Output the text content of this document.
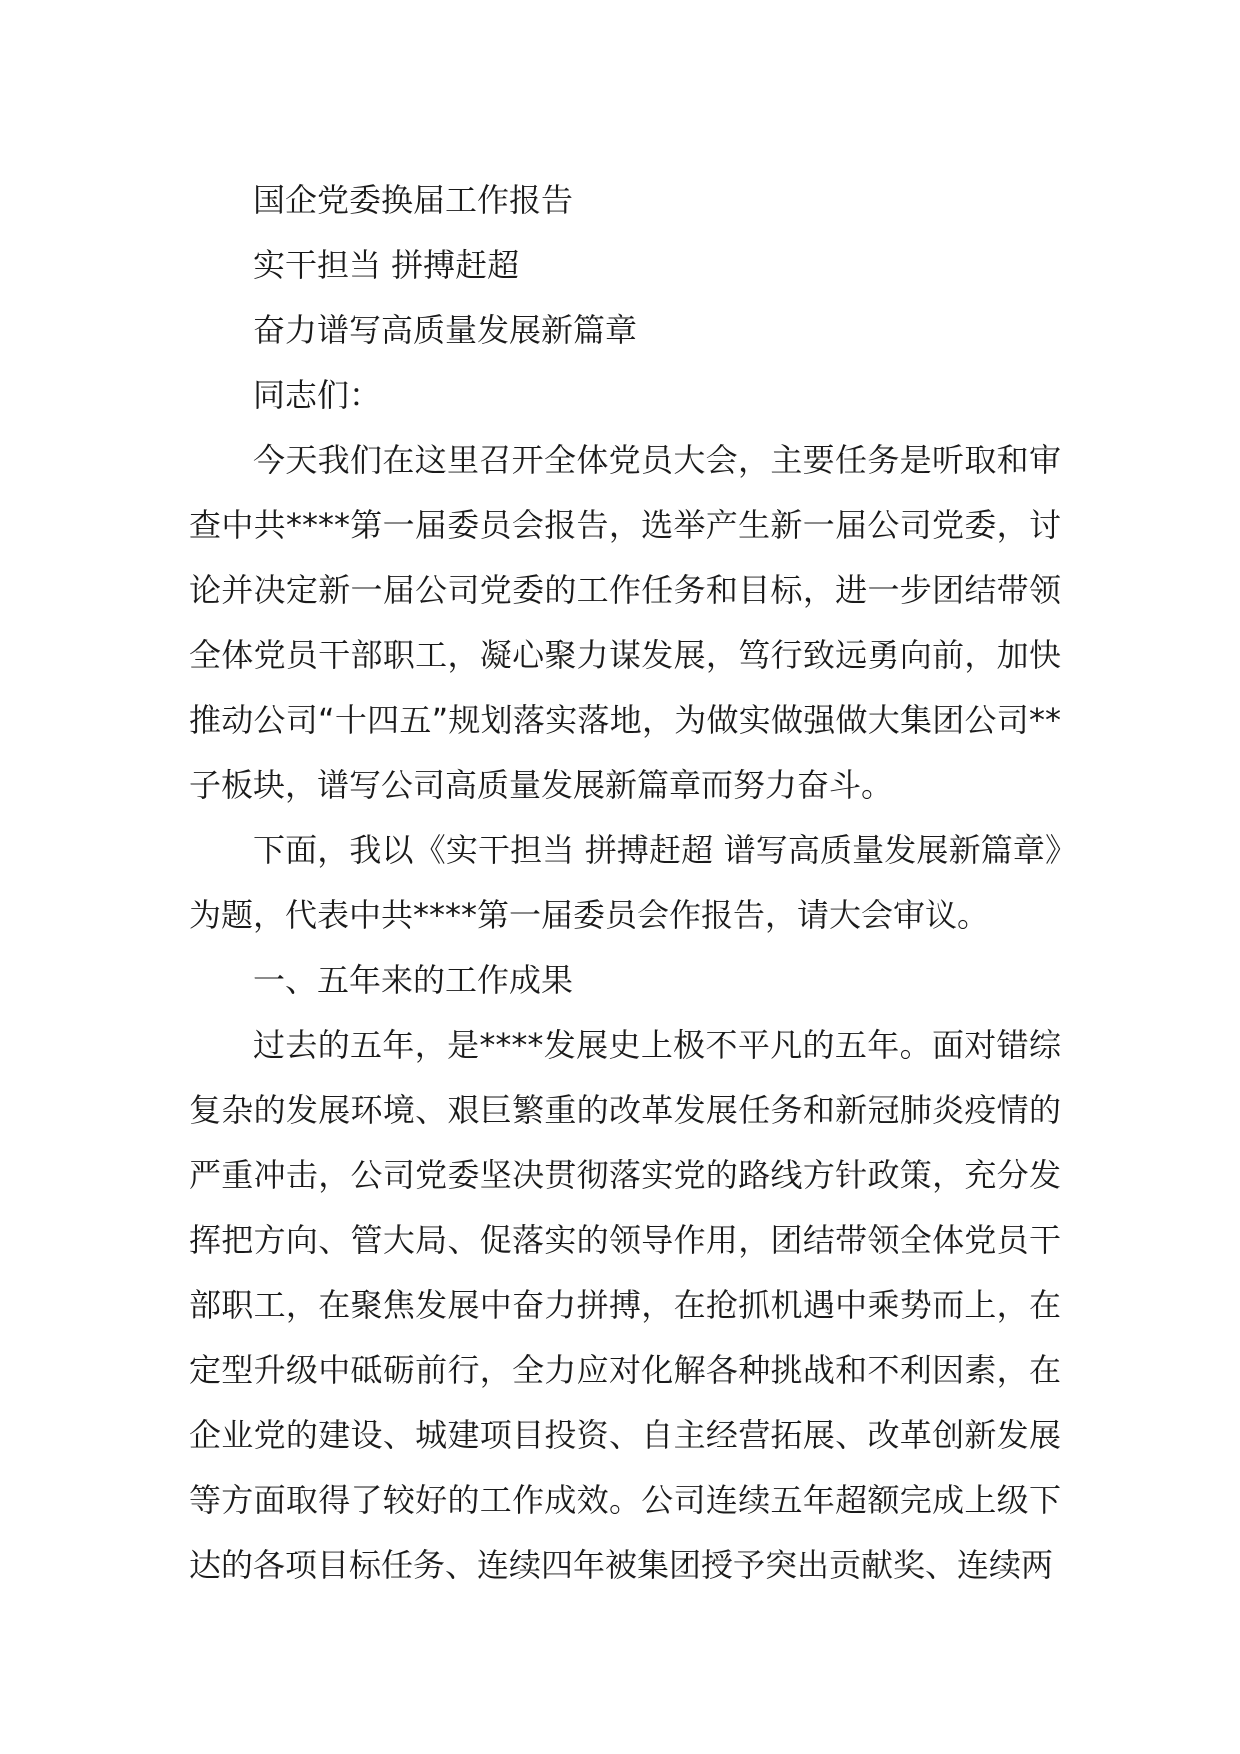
国企党委换届工作报告

实干担当 拼搏赶超

奋力谱写高质量发展新篇章

同志们：

今天我们在这里召开全体党员大会，主要任务是听取和审查中共****第一届委员会报告，选举产生新一届公司党委，讨论并决定新一届公司党委的工作任务和目标，进一步团结带领全体党员干部职工，凝心聚力谋发展，笃行致远勇向前，加快推动公司“十四五”规划落实落地，为做实做强做大集团公司**子板块，谱写公司高质量发展新篇章而努力奋斗。

下面，我以《实干担当 拼搏赶超 谱写高质量发展新篇章》为题，代表中共****第一届委员会作报告，请大会审议。

一、五年来的工作成果

过去的五年，是****发展史上极不平凡的五年。面对错综复杂的发展环境、艰巨繁重的改革发展任务和新冠肺炎疫情的严重冲击，公司党委坚决贯彻落实党的路线方针政策，充分发挥把方向、管大局、促落实的领导作用，团结带领全体党员干部职工，在聚焦发展中奋力拼搏，在抢抓机遇中乘势而上，在定型升级中砥砺前行，全力应对化解各种挑战和不利因素，在企业党的建设、城建项目投资、自主经营拓展、改革创新发展等方面取得了较好的工作成效。公司连续五年超额完成上级下达的各项目标任务、连续四年被集团授予突出贡献奖、连续两
